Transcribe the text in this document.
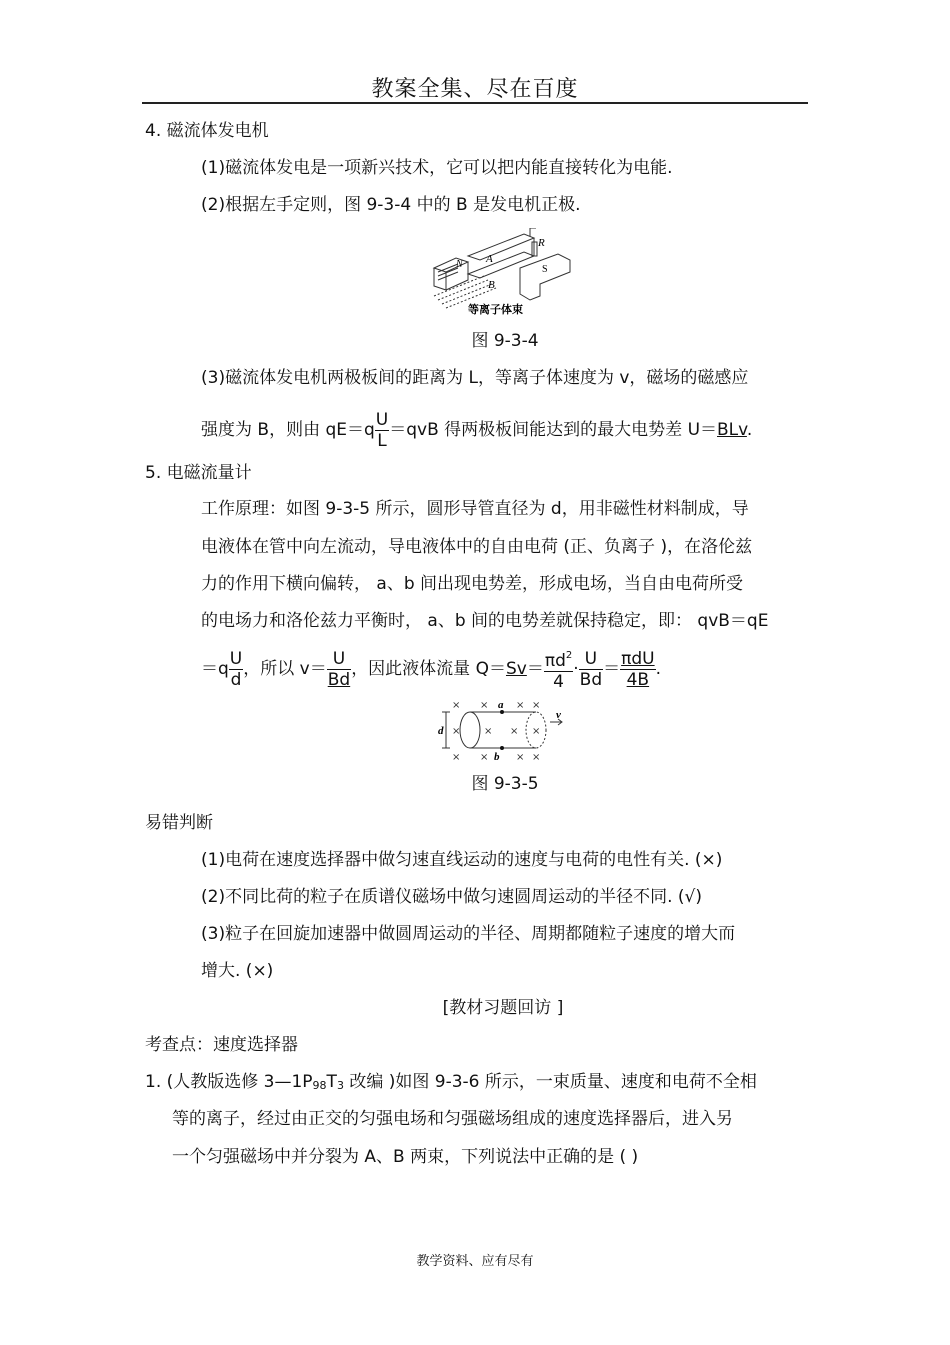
教案全集、尽在百度
4. 磁流体发电机
(1)磁流体发电是一项新兴技术，它可以把内能直接转化为电能.
(2)根据左手定则，图 9-3-4 中的 B 是发电机正极.
N A
B
R
S
等离子体束
图 9-3-4
(3)磁流体发电机两极板间的距离为 L，等离子体速度为 v，磁场的磁感应
强度为 B，则由 $qE=q \frac{U}{L} =qvB$ 得两极板间能达到的最大电势差 U＝BLv.
5. 电磁流量计
工作原理：如图 9-3-5 所示，圆形导管直径为 d，用非磁性材料制成，导
电液体在管中向左流动，导电液体中的自由电荷 (正、负离子 )，在洛伦兹
力的作用下横向偏转， a、b 间出现电势差，形成电场，当自由电荷所受
的电场力和洛伦兹力平衡时， a、b 间的电势差就保持稳定，即： qvB＝qE
$=q \frac{U}{d}$ ，所以 $v= \frac{U}{Bd}$ ，因此液体流量 $Q=Sv= \frac{\pi d^2}{4} \cdot \frac{U}{Bd} = \frac{\text{πdU}}{4B}$ .
× ×	× ×
× × × ×
× ×	× ×
d
a
b
v
图 9-3-5
易错判断
(1)电荷在速度选择器中做匀速直线运动的速度与电荷的电性有关. (×)
(2)不同比荷的粒子在质谱仪磁场中做匀速圆周运动的半径不同. (√)
(3)粒子在回旋加速器中做圆周运动的半径、周期都随粒子速度的增大而
增大. (×)
[教材习题回访 ]
考查点：速度选择器
1. (人教版选修 3—1P98T3 改编 )如图 9-3-6 所示，一束质量、速度和电荷不全相
等的离子，经过由正交的匀强电场和匀强磁场组成的速度选择器后，进入另
一个匀强磁场中并分裂为 A、B 两束，下列说法中正确的是 ( )
教学资料、应有尽有
